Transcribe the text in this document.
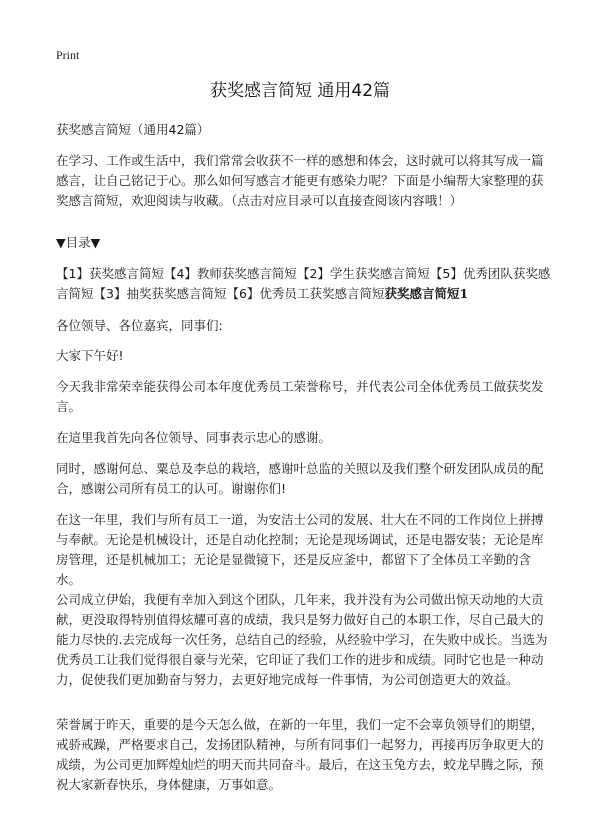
Print
获奖感言简短 通用42篇
获奖感言简短（通用42篇）
在学习、工作或生活中，我们常常会收获不一样的感想和体会，这时就可以将其写成一篇感言，让自己铭记于心。那么如何写感言才能更有感染力呢？下面是小编帮大家整理的获奖感言简短，欢迎阅读与收藏。（点击对应目录可以直接查阅该内容哦！）
▼目录▼
【1】获奖感言简短【4】教师获奖感言简短【2】学生获奖感言简短【5】优秀团队获奖感言简短【3】抽奖获奖感言简短【6】优秀员工获奖感言简短获奖感言简短1
各位领导、各位嘉宾，同事们:
大家下午好!
今天我非常荣幸能获得公司本年度优秀员工荣誉称号，并代表公司全体优秀员工做获奖发言。
在這里我首先向各位领导、同事表示忠心的感谢。
同时，感谢何总、粟总及李总的栽培，感谢叶总监的关照以及我们整个研发团队成员的配合，感谢公司所有员工的认可。谢谢你们!
在这一年里，我们与所有员工一道，为安洁士公司的发展、壮大在不同的工作岗位上拼搏与奉献。无论是机械设计，还是自动化控制；无论是现场调试，还是电器安装；无论是库房管理，还是机械加工；无论是显微镜下，还是反应釜中，都留下了全体员工辛勤的含水。
公司成立伊始，我便有幸加入到这个团队，几年来，我并没有为公司做出惊天动地的大贡献，更没取得特别值得炫耀可喜的成绩，我只是努力做好自己的本职工作，尽自己最大的能力尽快的.去完成每一次任务，总结自己的经验，从经验中学习，在失败中成长。当选为优秀员工让我们觉得很自豪与光荣，它印证了我们工作的进步和成绩。同时它也是一种动力，促使我们更加勤奋与努力，去更好地完成每一件事情，为公司创造更大的效益。
荣誉属于昨天，重要的是今天怎么做，在新的一年里，我们一定不会辜负领导们的期望，戒骄戒躁，严格要求自己，发扬团队精神，与所有同事们一起努力，再接再厉争取更大的成绩，为公司更加辉煌灿烂的明天而共同奋斗。最后，在这玉兔方去，蛟龙早腾之际，预祝大家新春快乐，身体健康，万事如意。
